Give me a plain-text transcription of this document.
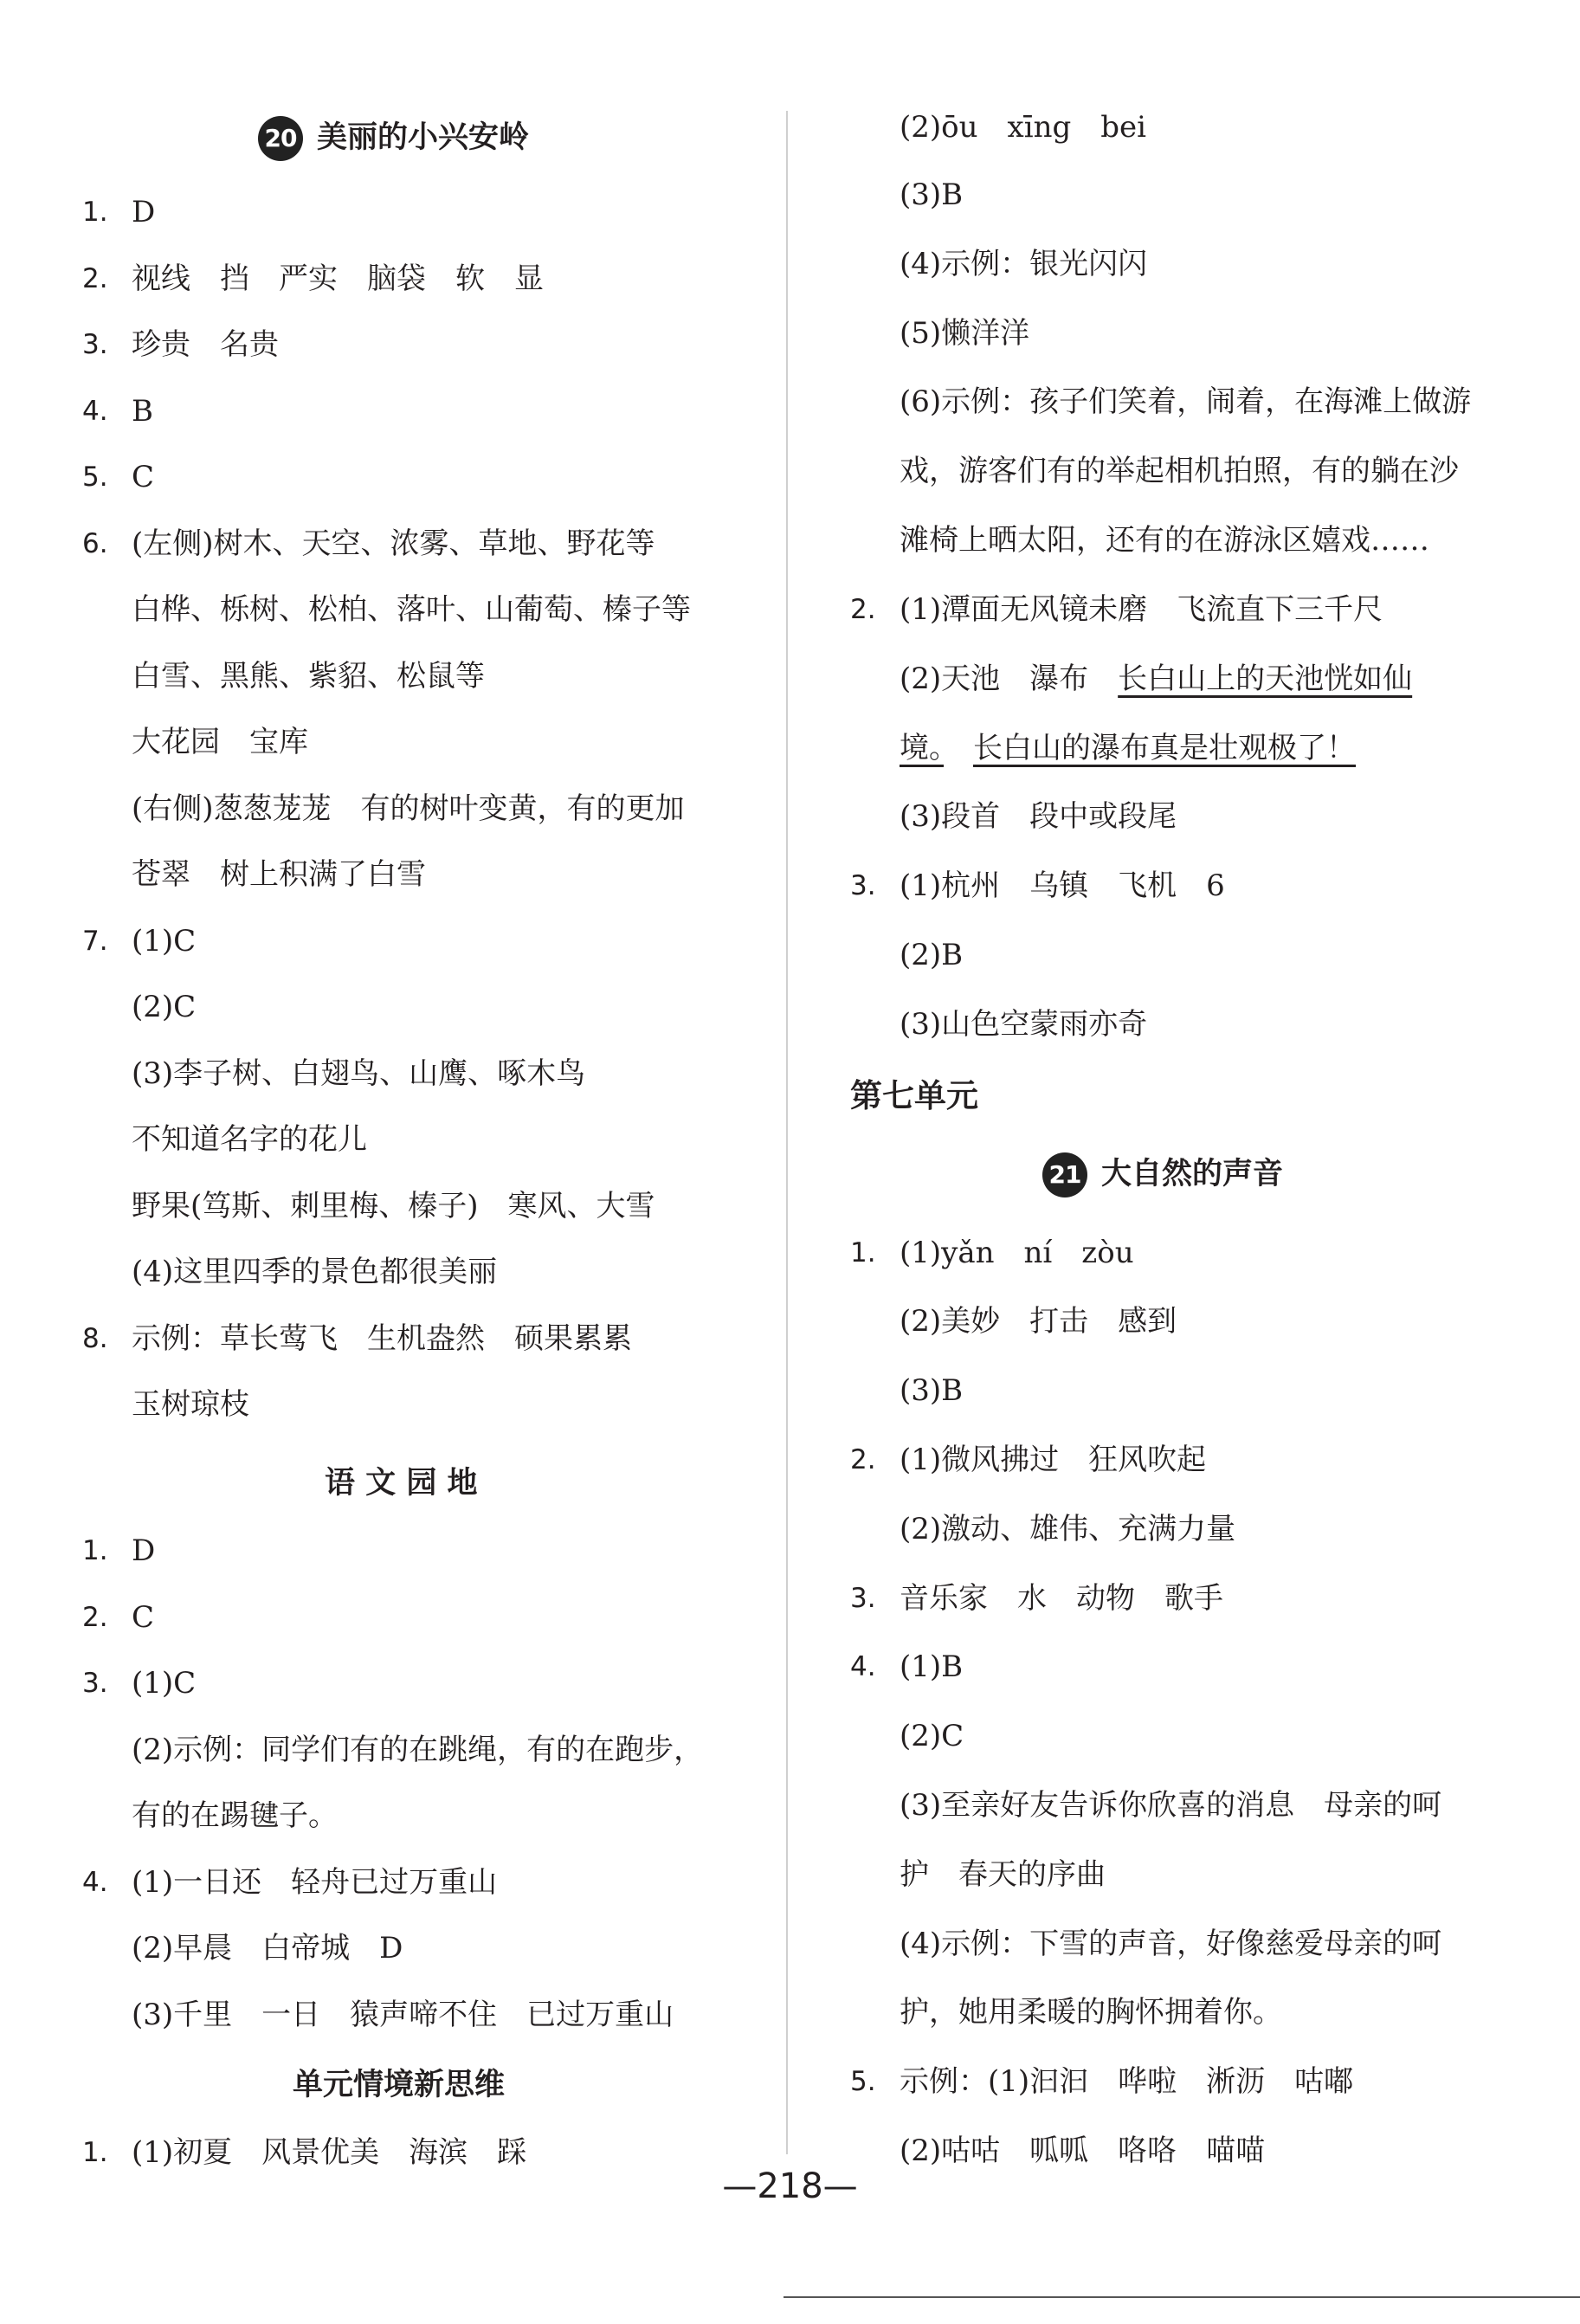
20 美丽的小兴安岭
1. D
2. 视线　挡　严实　脑袋　软　显
3. 珍贵　名贵
4. B
5. C
6. (左侧)树木、天空、浓雾、草地、野花等
白桦、栎树、松柏、落叶、山葡萄、榛子等
白雪、黑熊、紫貂、松鼠等
大花园　宝库
(右侧)葱葱茏茏　有的树叶变黄，有的更加
苍翠　树上积满了白雪
7. (1)C
(2)C
(3)李子树、白翅鸟、山鹰、啄木鸟
不知道名字的花儿
野果(笃斯、刺里梅、榛子)　寒风、大雪
(4)这里四季的景色都很美丽
8. 示例：草长莺飞　生机盎然　硕果累累
玉树琼枝
语 文 园 地
1. D
2. C
3. (1)C
(2)示例：同学们有的在跳绳，有的在跑步，
有的在踢毽子。
4. (1)一日还　轻舟已过万重山
(2)早晨　白帝城　D
(3)千里　一日　猿声啼不住　已过万重山
单元情境新思维
1. (1)初夏　风景优美　海滨　踩
(2)ōu　xīng　bei
(3)B
(4)示例：银光闪闪
(5)懒洋洋
(6)示例：孩子们笑着，闹着，在海滩上做游
戏，游客们有的举起相机拍照，有的躺在沙
滩椅上晒太阳，还有的在游泳区嬉戏……
2. (1)潭面无风镜未磨　飞流直下三千尺
(2)天池　瀑布　长白山上的天池恍如仙
境。　 长白山的瀑布真是壮观极了！
(3)段首　段中或段尾
3. (1)杭州　乌镇　飞机　6
(2)B
(3)山色空蒙雨亦奇
第七单元
21 大自然的声音
1. (1)yǎn　ní　zòu
(2)美妙　打击　感到
(3)B
2. (1)微风拂过　狂风吹起
(2)激动、雄伟、充满力量
3. 音乐家　水　动物　歌手
4. (1)B
(2)C
(3)至亲好友告诉你欣喜的消息　母亲的呵
护　春天的序曲
(4)示例：下雪的声音，好像慈爱母亲的呵
护，她用柔暖的胸怀拥着你。
5. 示例：(1)汩汩　哗啦　淅沥　咕嘟
(2)咕咕　呱呱　咯咯　喵喵
—218—
